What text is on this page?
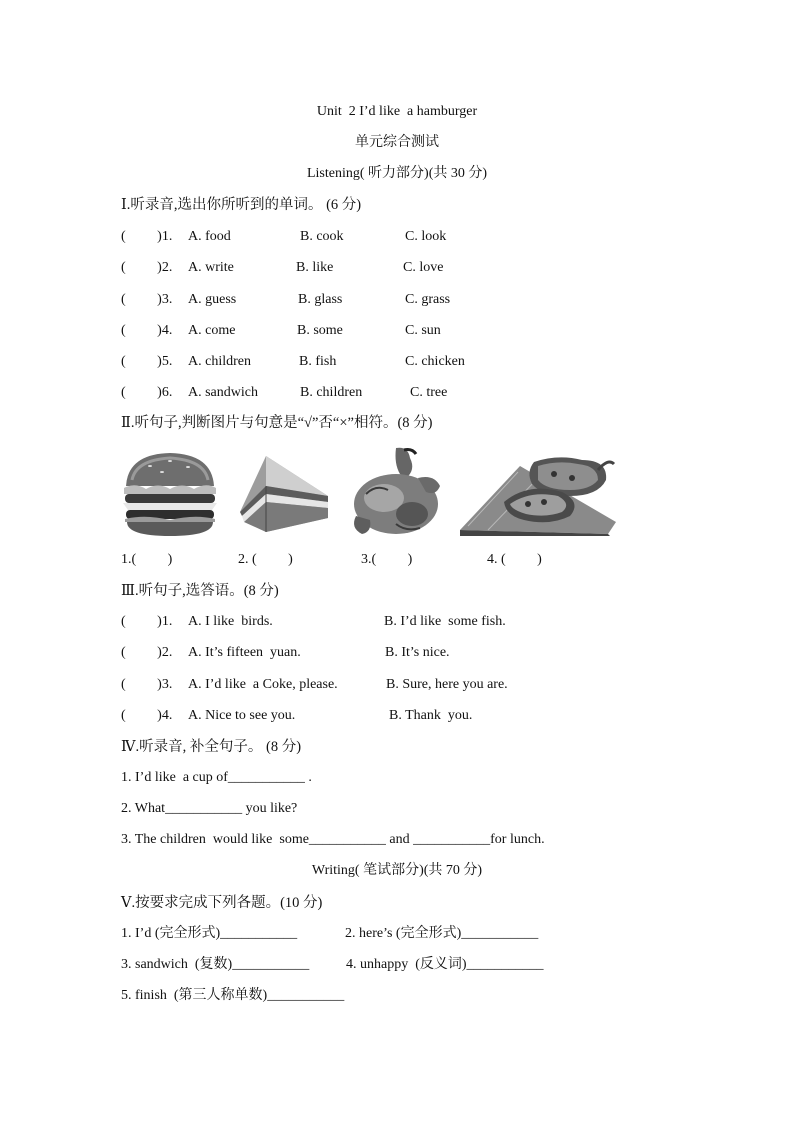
Unit  2 I’d like  a hamburger
单元综合测试
Listening( 听力部分)(共 30 分)
Ⅰ.听录音,选出你所听到的单词。 (6 分)
(         )1. A. food	B. cook	C. look
(         )2. A. write	B. like	C. love
(         )3. A. guess	B. glass	C. grass
(         )4. A. come	B. some	C. sun
(         )5. A. children	B. fish	C. chicken
(         )6. A. sandwich	B. children	C. tree
Ⅱ.听句子,判断图片与句意是“√”否“×”相符。(8 分)
1.(         )	2. (         )	3.(         )	4. (         )
Ⅲ.听句子,选答语。(8 分)
(         )1. A. I like  birds.	B. I’d like  some fish.
(         )2. A. It’s fifteen  yuan.	B. It’s nice.
(         )3. A. I’d like  a Coke, please.	B. Sure, here you are.
(         )4. A. Nice to see you.	B. Thank  you.
Ⅳ.听录音, 补全句子。 (8 分)
1. I’d like  a cup of___________ .
2. What___________ you like?
3. The children  would like  some___________ and ___________for lunch.
Writing( 笔试部分)(共 70 分)
Ⅴ.按要求完成下列各题。(10 分)
1. I’d (完全形式)___________	2. here’s (完全形式)___________
3. sandwich  (复数)___________	4. unhappy  (反义词)___________
5. finish  (第三人称单数)___________
